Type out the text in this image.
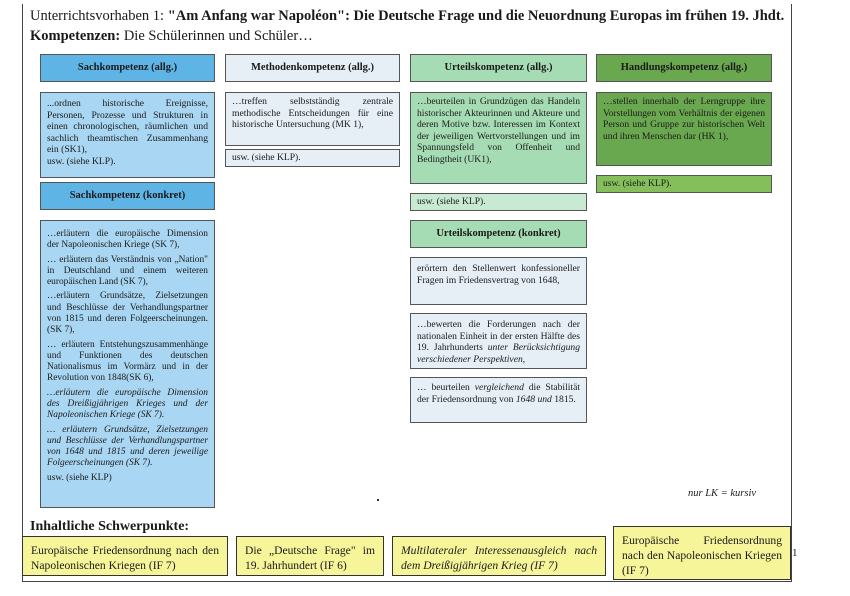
Unterrichtsvorhaben 1: "Am Anfang war Napoléon": Die Deutsche Frage und die Neuordnung Europas im frühen 19. Jhdt.
Kompetenzen: Die Schülerinnen und Schüler…
Sachkompetenz (allg.)

...ordnen historische Ereignisse, Personen, Prozesse und Strukturen in einen chronologischen, räumlichen und sachlich theamtischen Zusammenhang ein (SK1),

usw. (siehe KLP).

Sachkompetenz (konkret)

…erläutern die europäische Dimension der Napoleonischen Kriege (SK 7),

… erläutern das Verständnis von „Nation" in Deutschland und einem weiteren europäischen Land (SK 7),

…erläutern Grundsätze, Zielsetzungen und Beschlüsse der Verhandlungspartner von 1815 und deren Folgeerscheinungen. (SK 7),

… erläutern Entstehungszusammenhänge und Funktionen des deutschen Nationalismus im Vormärz und in der Revolution von 1848(SK 6),

…erläutern die europäische Dimension des Dreißigjährigen Krieges und der Napoleonischen Kriege (SK 7).

… erläutern Grundsätze, Zielsetzungen und Beschlüsse der Verhandlungspartner von 1648 und 1815 und deren jeweilige Folgeerscheinungen (SK 7).

usw. (siehe KLP)

Methodenkompetenz (allg.)

…treffen selbstständig zentrale methodische Entscheidungen für eine historische Untersuchung (MK 1),

usw. (siehe KLP).
Urteilskompetenz (allg.)

…beurteilen in Grundzügen das Handeln historischer Akteurinnen und Akteure und deren Motive bzw. Interessen im Kontext der jeweiligen Wertvorstellungen und im Spannungsfeld von Offenheit und Bedingtheit (UK1),

usw. (siehe KLP).
Urteilskompetenz (konkret)

erörtern den Stellenwert konfessioneller Fragen im Friedensvertrag von 1648,

…bewerten die Forderungen nach der nationalen Einheit in der ersten Hälfte des 19. Jahrhunderts unter Berücksichtigung verschiedener Perspektiven,

… beurteilen vergleichend die Stabilität der Friedensordnung von 1648 und 1815.

Handlungskompetenz (allg.)

…stellen innerhalb der Lerngruppe ihre Vorstellungen vom Verhältnis der eigenen Person und Gruppe zur historischen Welt und ihren Menschen dar (HK 1),

usw. (siehe KLP).
nur LK = kursiv
Inhaltliche Schwerpunkte:
Europäische Friedensordnung nach den Napoleonischen Kriegen (IF 7)
Die „Deutsche Frage" im 19. Jahrhundert (IF 6)
Multilateraler Interessenausgleich nach dem Dreißigjährigen Krieg (IF 7)
Europäische Friedensordnung nach den Napoleonischen Kriegen (IF 7)
1
